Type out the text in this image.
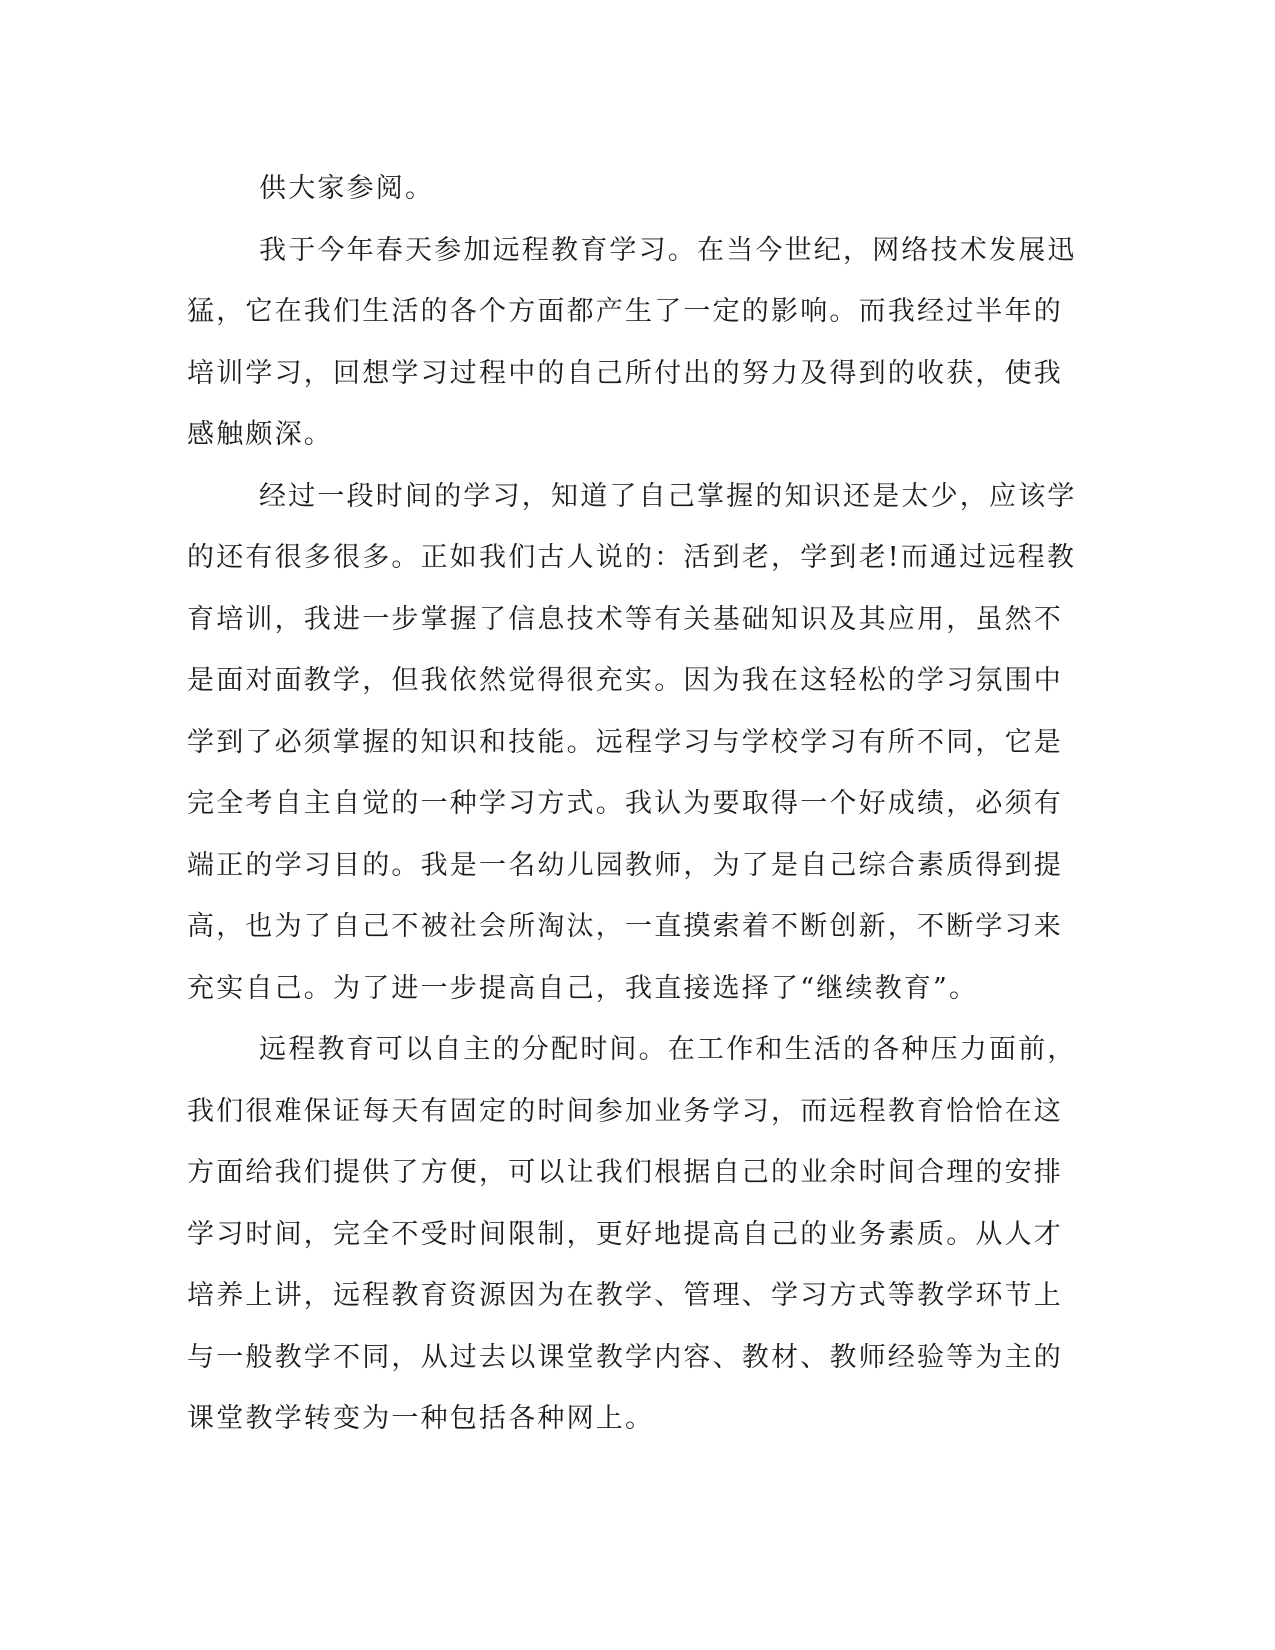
供大家参阅。
我于今年春天参加远程教育学习。在当今世纪，网络技术发展迅
猛，它在我们生活的各个方面都产生了一定的影响。而我经过半年的
培训学习，回想学习过程中的自己所付出的努力及得到的收获，使我
感触颇深。
经过一段时间的学习，知道了自己掌握的知识还是太少，应该学
的还有很多很多。正如我们古人说的：活到老，学到老!而通过远程教
育培训，我进一步掌握了信息技术等有关基础知识及其应用，虽然不
是面对面教学，但我依然觉得很充实。因为我在这轻松的学习氛围中
学到了必须掌握的知识和技能。远程学习与学校学习有所不同，它是
完全考自主自觉的一种学习方式。我认为要取得一个好成绩，必须有
端正的学习目的。我是一名幼儿园教师，为了是自己综合素质得到提
高，也为了自己不被社会所淘汰，一直摸索着不断创新，不断学习来
充实自己。为了进一步提高自己，我直接选择了“继续教育”。
远程教育可以自主的分配时间。在工作和生活的各种压力面前，
我们很难保证每天有固定的时间参加业务学习，而远程教育恰恰在这
方面给我们提供了方便，可以让我们根据自己的业余时间合理的安排
学习时间，完全不受时间限制，更好地提高自己的业务素质。从人才
培养上讲，远程教育资源因为在教学、管理、学习方式等教学环节上
与一般教学不同，从过去以课堂教学内容、教材、教师经验等为主的
课堂教学转变为一种包括各种网上。
